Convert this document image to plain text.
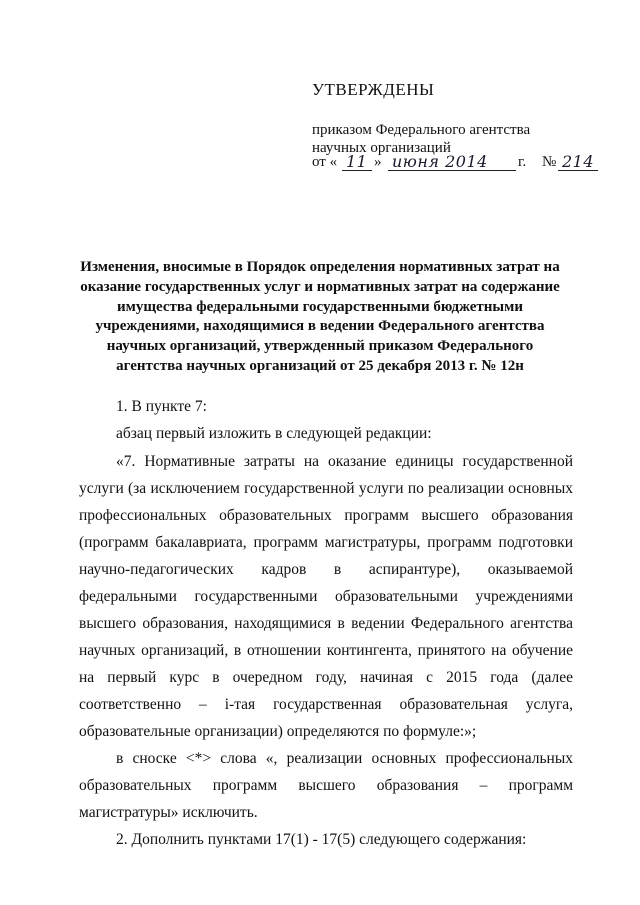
УТВЕРЖДЕНЫ
приказом Федерального агентства
научных организаций
от « 11 » июня 2014 г. № 214
Изменения, вносимые в Порядок определения нормативных затрат на
оказание государственных услуг и нормативных затрат на содержание
имущества федеральными государственными бюджетными
учреждениями, находящимися в ведении Федерального агентства
научных организаций, утвержденный приказом Федерального
агентства научных организаций от 25 декабря 2013 г. № 12н
1. В пункте 7:
абзац первый изложить в следующей редакции:
«7. Нормативные затраты на оказание единицы государственной
услуги (за исключением государственной услуги по реализации основных
профессиональных образовательных программ высшего образования
(программ бакалавриата, программ магистратуры, программ подготовки
научно-педагогических кадров в аспирантуре), оказываемой
федеральными государственными образовательными учреждениями
высшего образования, находящимися в ведении Федерального агентства
научных организаций, в отношении контингента, принятого на обучение
на первый курс в очередном году, начиная с 2015 года (далее
соответственно – i-тая государственная образовательная услуга,
образовательные организации) определяются по формуле:»;
в сноске <*> слова «, реализации основных профессиональных
образовательных программ высшего образования – программ
магистратуры» исключить.
2. Дополнить пунктами 17(1) - 17(5) следующего содержания:
